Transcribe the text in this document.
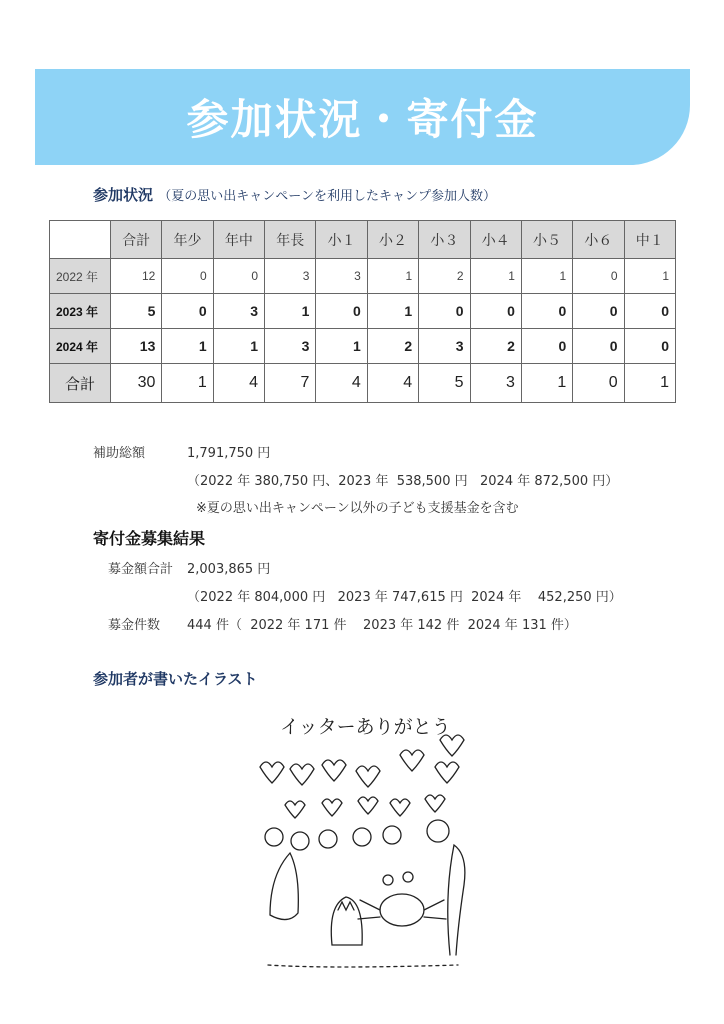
参加状況・寄付金
参加状況 （夏の思い出キャンペーンを利用したキャンプ参加人数）
	合計	年少	年中	年長	小１	小２	小３	小４	小５	小６	中１
2022 年	12	0	0	3	3	1	2	1	1	0	1
2023 年	5	0	3	1	0	1	0	0	0	0	0
2024 年	13	1	1	3	1	2	3	2	0	0	0
合計	30	1	4	7	4	4	5	3	1	0	1
補助総額	1,791,750 円
（2022 年 380,750 円、2023 年  538,500 円   2024 年 872,500 円）
※夏の思い出キャンペーン以外の子ども支援基金を含む
寄付金募集結果
募金額合計 2,003,865 円
（2022 年 804,000 円   2023 年 747,615 円  2024 年    452,250 円）
募金件数 444 件（  2022 年 171 件    2023 年 142 件  2024 年 131 件）
参加者が書いたイラスト
イッターありがとう
